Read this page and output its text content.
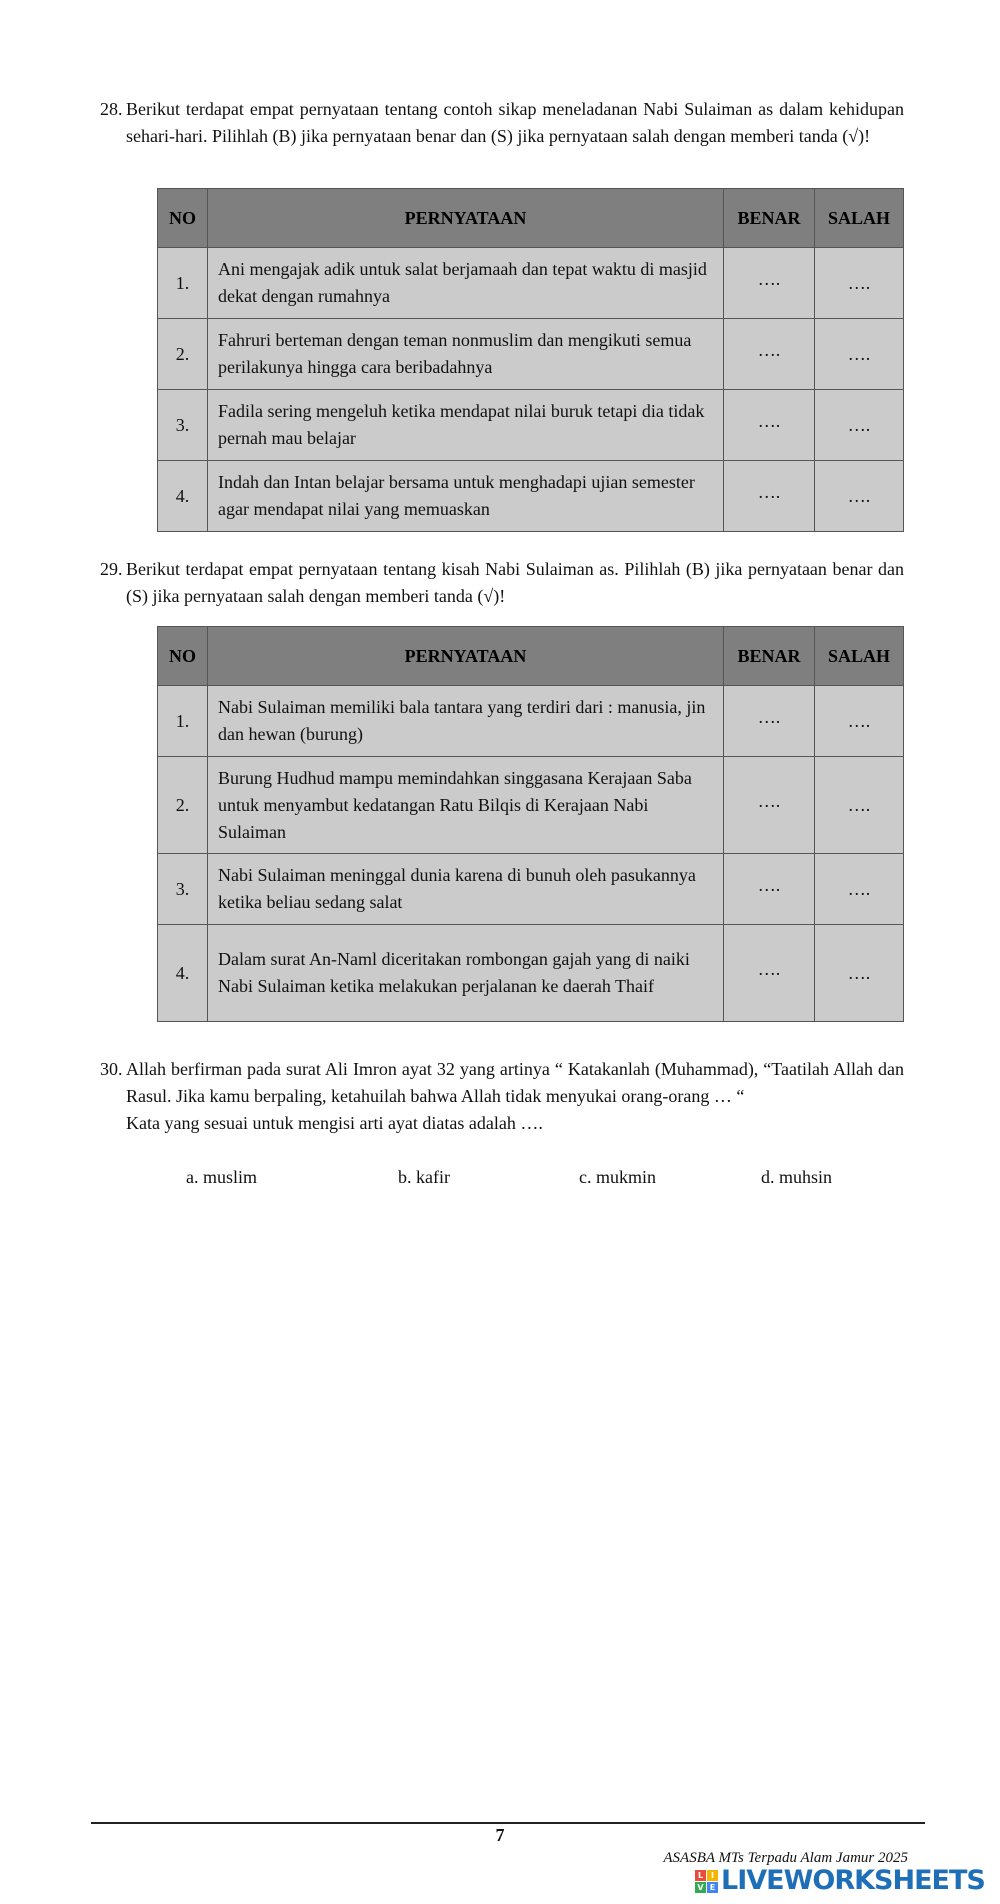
28. Berikut terdapat empat pernyataan tentang contoh sikap meneladanan Nabi Sulaiman as dalam kehidupan sehari-hari. Pilihlah (B) jika pernyataan benar dan (S) jika pernyataan salah dengan memberi tanda (√)!

NO	PERNYATAAN	BENAR	SALAH
1.	Ani mengajak adik untuk salat berjamaah dan tepat waktu di masjid dekat dengan rumahnya	….	….
2.	Fahruri berteman dengan teman nonmuslim dan mengikuti semua perilakunya hingga cara beribadahnya	….	….
3.	Fadila sering mengeluh ketika mendapat nilai buruk tetapi dia tidak pernah mau belajar	….	….
4.	Indah dan Intan belajar bersama untuk menghadapi ujian semester agar mendapat nilai yang memuaskan	….	….
29. Berikut terdapat empat pernyataan tentang kisah Nabi Sulaiman as. Pilihlah (B) jika pernyataan benar dan (S) jika pernyataan salah dengan memberi tanda (√)!

NO	PERNYATAAN	BENAR	SALAH
1.	Nabi Sulaiman memiliki bala tantara yang terdiri dari : manusia, jin dan hewan (burung)	….	….
2.	Burung Hudhud mampu memindahkan singgasana Kerajaan Saba untuk menyambut kedatangan Ratu Bilqis di Kerajaan Nabi Sulaiman	….	….
3.	Nabi Sulaiman meninggal dunia karena di bunuh oleh pasukannya ketika beliau sedang salat	….	….
4.	Dalam surat An-Naml diceritakan rombongan gajah yang di naiki Nabi Sulaiman ketika melakukan perjalanan ke daerah Thaif	….	….
30. Allah berfirman pada surat Ali Imron ayat 32 yang artinya “ Katakanlah (Muhammad), “Taatilah Allah dan Rasul. Jika kamu berpaling, ketahuilah bahwa Allah tidak menyukai orang-orang … “

Kata yang sesuai untuk mengisi arti ayat diatas adalah ….

a. muslim	b. kafir	c. mukmin	d. muhsin
7
ASASBA MTs Terpadu Alam Jamur 2025
L I
V E LIVEWORKSHEETS
